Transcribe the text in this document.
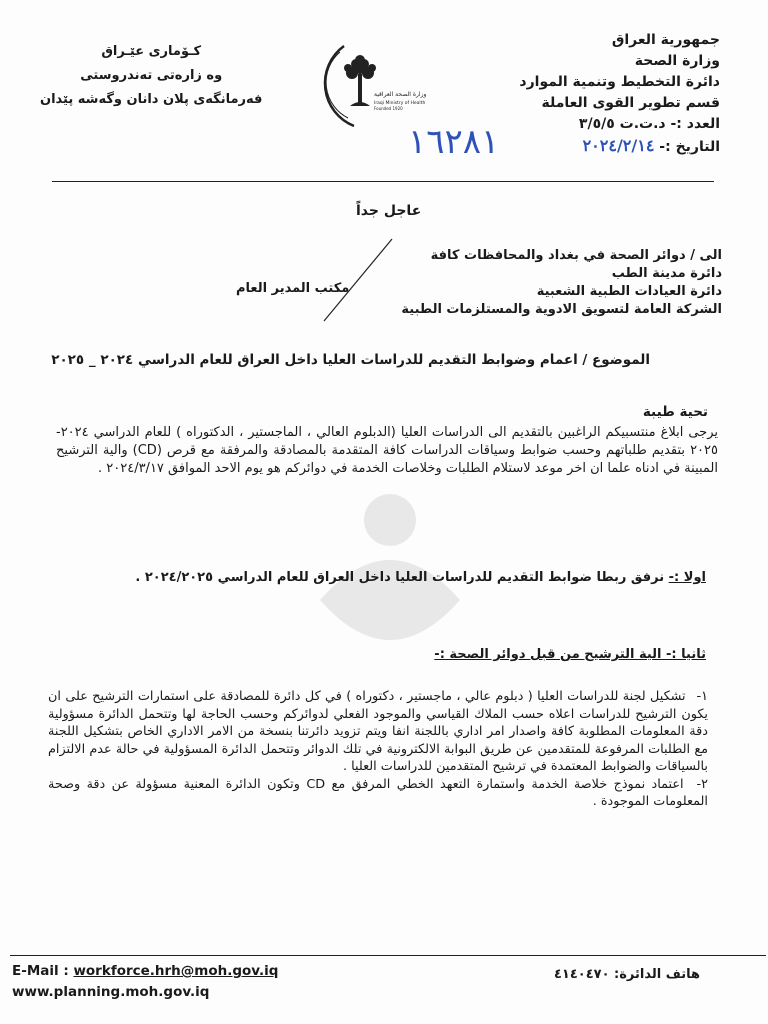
جمهورية العراق
وزارة الصحة
دائرة التخطيط وتنمية الموارد
قسم تطوير القوى العاملة
العدد :- د.ت.ت ٣/٥/٥
التاريخ :- ٢٠٢٤/٢/١٤
١٦٢٨١
كـۆمارى عێـراق
وه زارەتى تەندروستى
فەرمانگەى پلان دانان وگەشە پێدان	وزارة الصحة العراقية
Iraqi Ministry of Health
Founded 1920
عاجل جداً
الى / دوائر الصحة في بغداد والمحافظات كافة
دائرة مدينة الطب
دائرة العيادات الطبية الشعبية
الشركة العامة لتسويق الادوية والمستلزمات الطبية
مكتب المدير العام
الموضوع / اعمام وضوابط التقديم للدراسات العليا داخل العراق للعام الدراسي ٢٠٢٤ _ ٢٠٢٥
تحية طيبة
يرجى ابلاغ منتسبيكم الراغبين بالتقديم الى الدراسات العليا (الدبلوم العالي ، الماجستير ، الدكتوراه ) للعام الدراسي ٢٠٢٤- ٢٠٢٥ بتقديم طلباتهم وحسب ضوابط وسياقات الدراسات كافة المتقدمة بالمصادقة والمرفقة مع قرص (CD) والية الترشيح المبينة في ادناه علما ان اخر موعد لاستلام الطلبات وخلاصات الخدمة في دوائركم هو يوم الاحد الموافق ٢٠٢٤/٣/١٧ .
اولا :- نرفق ربطا ضوابط التقديم للدراسات العليا داخل العراق للعام الدراسي ٢٠٢٤/٢٠٢٥ .
ثانيا :- الية الترشيح من قبل دوائر الصحة :-

١- تشكيل لجنة للدراسات العليا ( دبلوم عالي ، ماجستير ، دكتوراه ) في كل دائرة للمصادقة على استمارات الترشيح على ان يكون الترشيح للدراسات اعلاه حسب الملاك القياسي والموجود الفعلي لدوائركم وحسب الحاجة لها وتتحمل الدائرة مسؤولية دقة المعلومات المطلوبة كافة واصدار امر اداري باللجنة انفا ويتم تزويد دائرتنا بنسخة من الامر الاداري الخاص بتشكيل اللجنة مع الطلبات المرفوعة للمتقدمين عن طريق البوابة الالكترونية في تلك الدوائر وتتحمل الدائرة المسؤولية في حالة عدم الالتزام بالسياقات والضوابط المعتمدة في ترشيح المتقدمين للدراسات العليا .

٢- اعتماد نموذج خلاصة الخدمة واستمارة التعهد الخطي المرفق مع CD وتكون الدائرة المعنية مسؤولة عن دقة وصحة المعلومات الموجودة .

E-Mail : workforce.hrh@moh.gov.iq
www.planning.moh.gov.iq
هاتف الدائرة: ٤١٤٠٤٧٠
